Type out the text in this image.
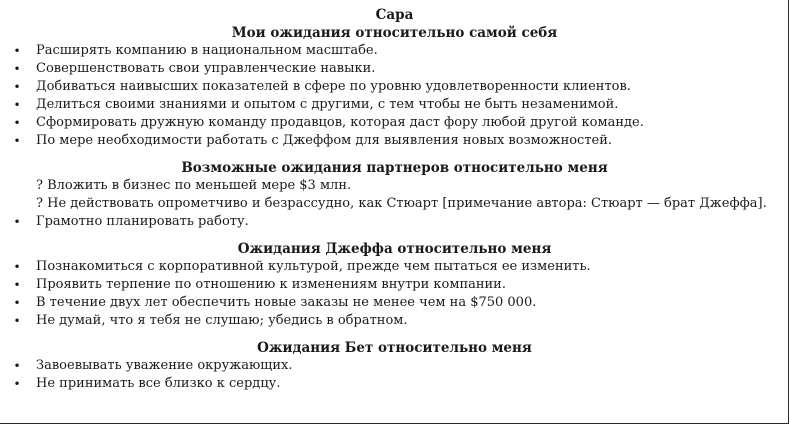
Сара
Мои ожидания относительно самой себя
• Расширять компанию в национальном масштабе.
• Совершенствовать свои управленческие навыки.
• Добиваться наивысших показателей в сфере по уровню удовлетворенности клиентов.
• Делиться своими знаниями и опытом с другими, с тем чтобы не быть незаменимой.
• Сформировать дружную команду продавцов, которая даст фору любой другой команде.
• По мере необходимости работать с Джеффом для выявления новых возможностей.
Возможные ожидания партнеров относительно меня
? Вложить в бизнес по меньшей мере $3 млн.
? Не действовать опрометчиво и безрассудно, как Стюарт [примечание автора: Стюарт — брат Джеффа].
• Грамотно планировать работу.
Ожидания Джеффа относительно меня
• Познакомиться с корпоративной культурой, прежде чем пытаться ее изменить.
• Проявить терпение по отношению к изменениям внутри компании.
• В течение двух лет обеспечить новые заказы не менее чем на $750 000.
• Не думай, что я тебя не слушаю; убедись в обратном.
Ожидания Бет относительно меня
• Завоевывать уважение окружающих.
• Не принимать все близко к сердцу.
